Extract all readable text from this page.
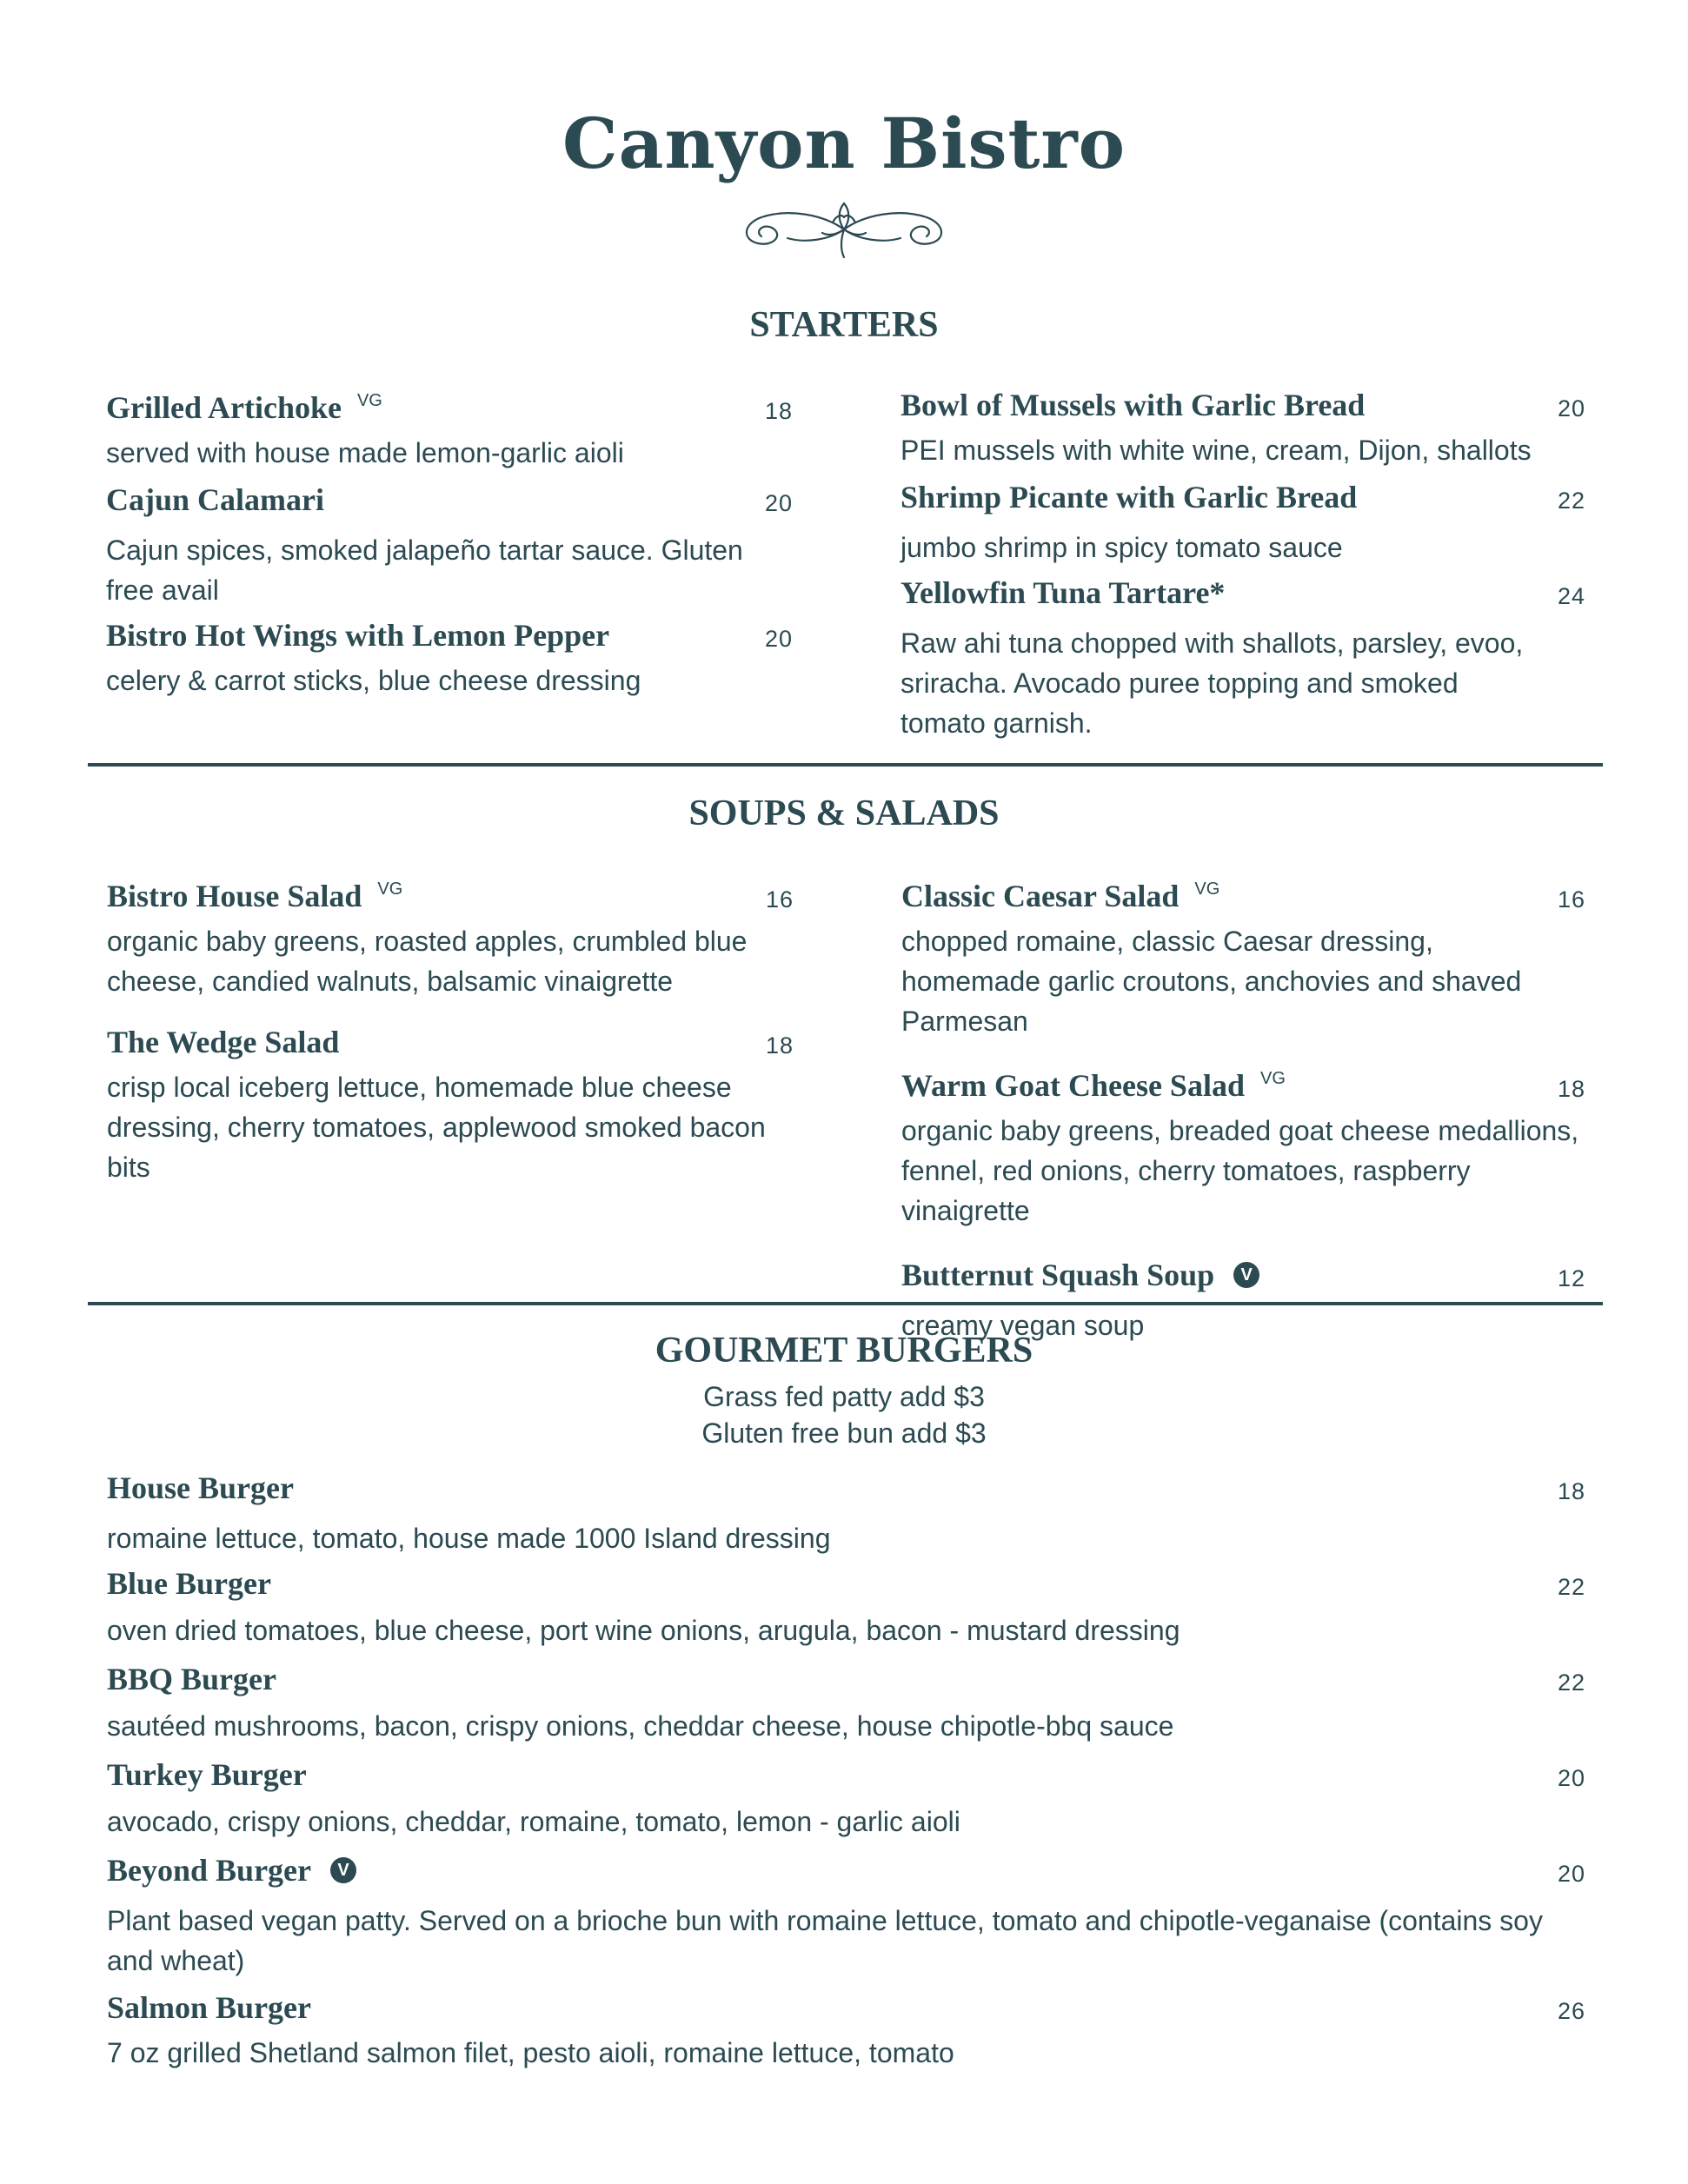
Canyon Bistro
STARTERS
Grilled Artichoke VG	18
served with house made lemon-garlic aioli
Cajun Calamari	20
Cajun spices, smoked jalapeño tartar sauce. Gluten free avail
Bistro Hot Wings with Lemon Pepper	20
celery & carrot sticks, blue cheese dressing
Bowl of Mussels with Garlic Bread	20
PEI mussels with white wine, cream, Dijon, shallots
Shrimp Picante with Garlic Bread	22
jumbo shrimp in spicy tomato sauce
Yellowfin Tuna Tartare*	24
Raw ahi tuna chopped with shallots, parsley, evoo, sriracha. Avocado puree topping and smoked tomato garnish.
SOUPS & SALADS
Bistro House Salad VG	16
organic baby greens, roasted apples, crumbled blue cheese, candied walnuts, balsamic vinaigrette
The Wedge Salad	18
crisp local iceberg lettuce, homemade blue cheese dressing, cherry tomatoes, applewood smoked bacon bits
Classic Caesar Salad VG	16
chopped romaine, classic Caesar dressing, homemade garlic croutons, anchovies and shaved Parmesan
Warm Goat Cheese Salad VG	18
organic baby greens, breaded goat cheese medallions, fennel, red onions, cherry tomatoes, raspberry vinaigrette
Butternut Squash Soup V	12
creamy vegan soup
GOURMET BURGERS
Grass fed patty add $3
Gluten free bun add $3
House Burger	18
romaine lettuce, tomato, house made 1000 Island dressing
Blue Burger	22
oven dried tomatoes, blue cheese, port wine onions, arugula, bacon - mustard dressing
BBQ Burger	22
sautéed mushrooms, bacon, crispy onions, cheddar cheese, house chipotle-bbq sauce
Turkey Burger	20
avocado, crispy onions, cheddar, romaine, tomato, lemon - garlic aioli
Beyond Burger V	20
Plant based vegan patty. Served on a brioche bun with romaine lettuce, tomato and chipotle-veganaise (contains soy and wheat)
Salmon Burger	26
7 oz grilled Shetland salmon filet, pesto aioli, romaine lettuce, tomato
